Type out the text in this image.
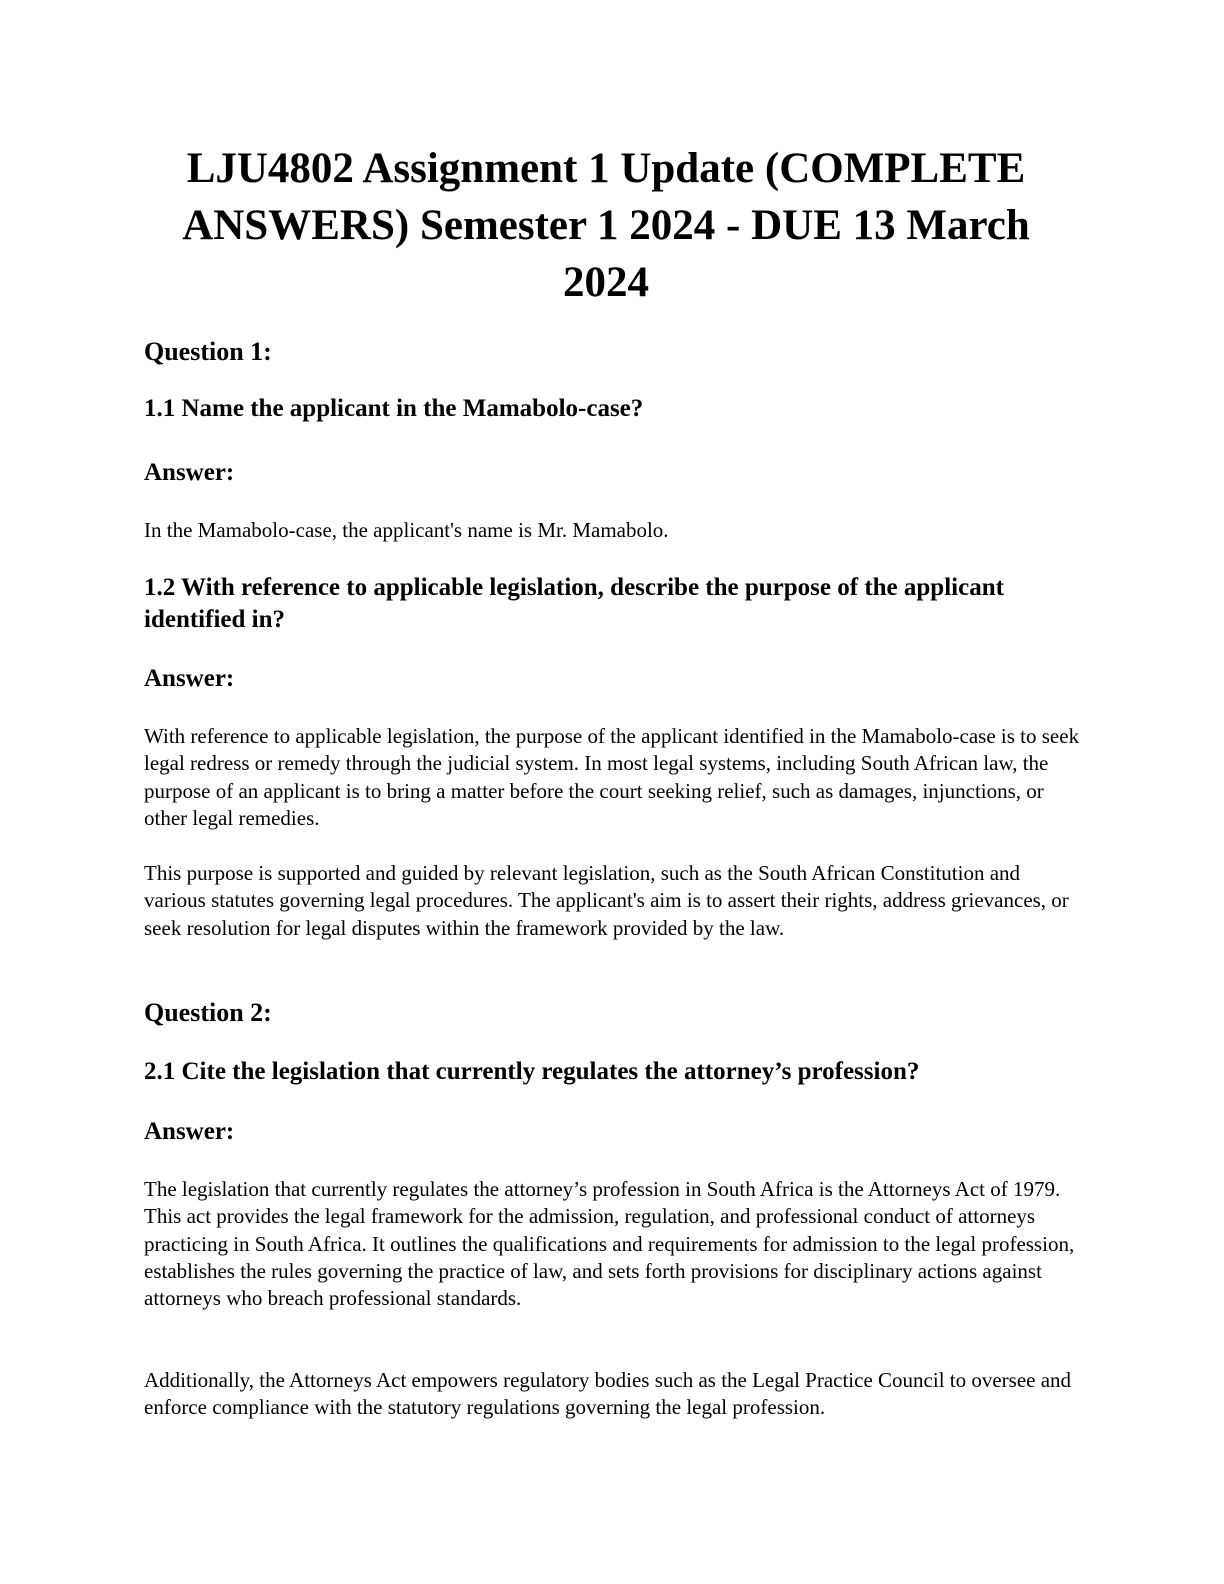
LJU4802 Assignment 1 Update (COMPLETE ANSWERS) Semester 1 2024 - DUE 13 March 2024
Question 1:
1.1 Name the applicant in the Mamabolo-case?
Answer:

In the Mamabolo-case, the applicant's name is Mr. Mamabolo.

1.2 With reference to applicable legislation, describe the purpose of the applicant identified in?
Answer:

With reference to applicable legislation, the purpose of the applicant identified in the Mamabolo-case is to seek legal redress or remedy through the judicial system. In most legal systems, including South African law, the purpose of an applicant is to bring a matter before the court seeking relief, such as damages, injunctions, or other legal remedies.

This purpose is supported and guided by relevant legislation, such as the South African Constitution and various statutes governing legal procedures. The applicant's aim is to assert their rights, address grievances, or seek resolution for legal disputes within the framework provided by the law.

Question 2:
2.1 Cite the legislation that currently regulates the attorney’s profession?
Answer:

The legislation that currently regulates the attorney’s profession in South Africa is the Attorneys Act of 1979. This act provides the legal framework for the admission, regulation, and professional conduct of attorneys practicing in South Africa. It outlines the qualifications and requirements for admission to the legal profession, establishes the rules governing the practice of law, and sets forth provisions for disciplinary actions against attorneys who breach professional standards.

Additionally, the Attorneys Act empowers regulatory bodies such as the Legal Practice Council to oversee and enforce compliance with the statutory regulations governing the legal profession.
